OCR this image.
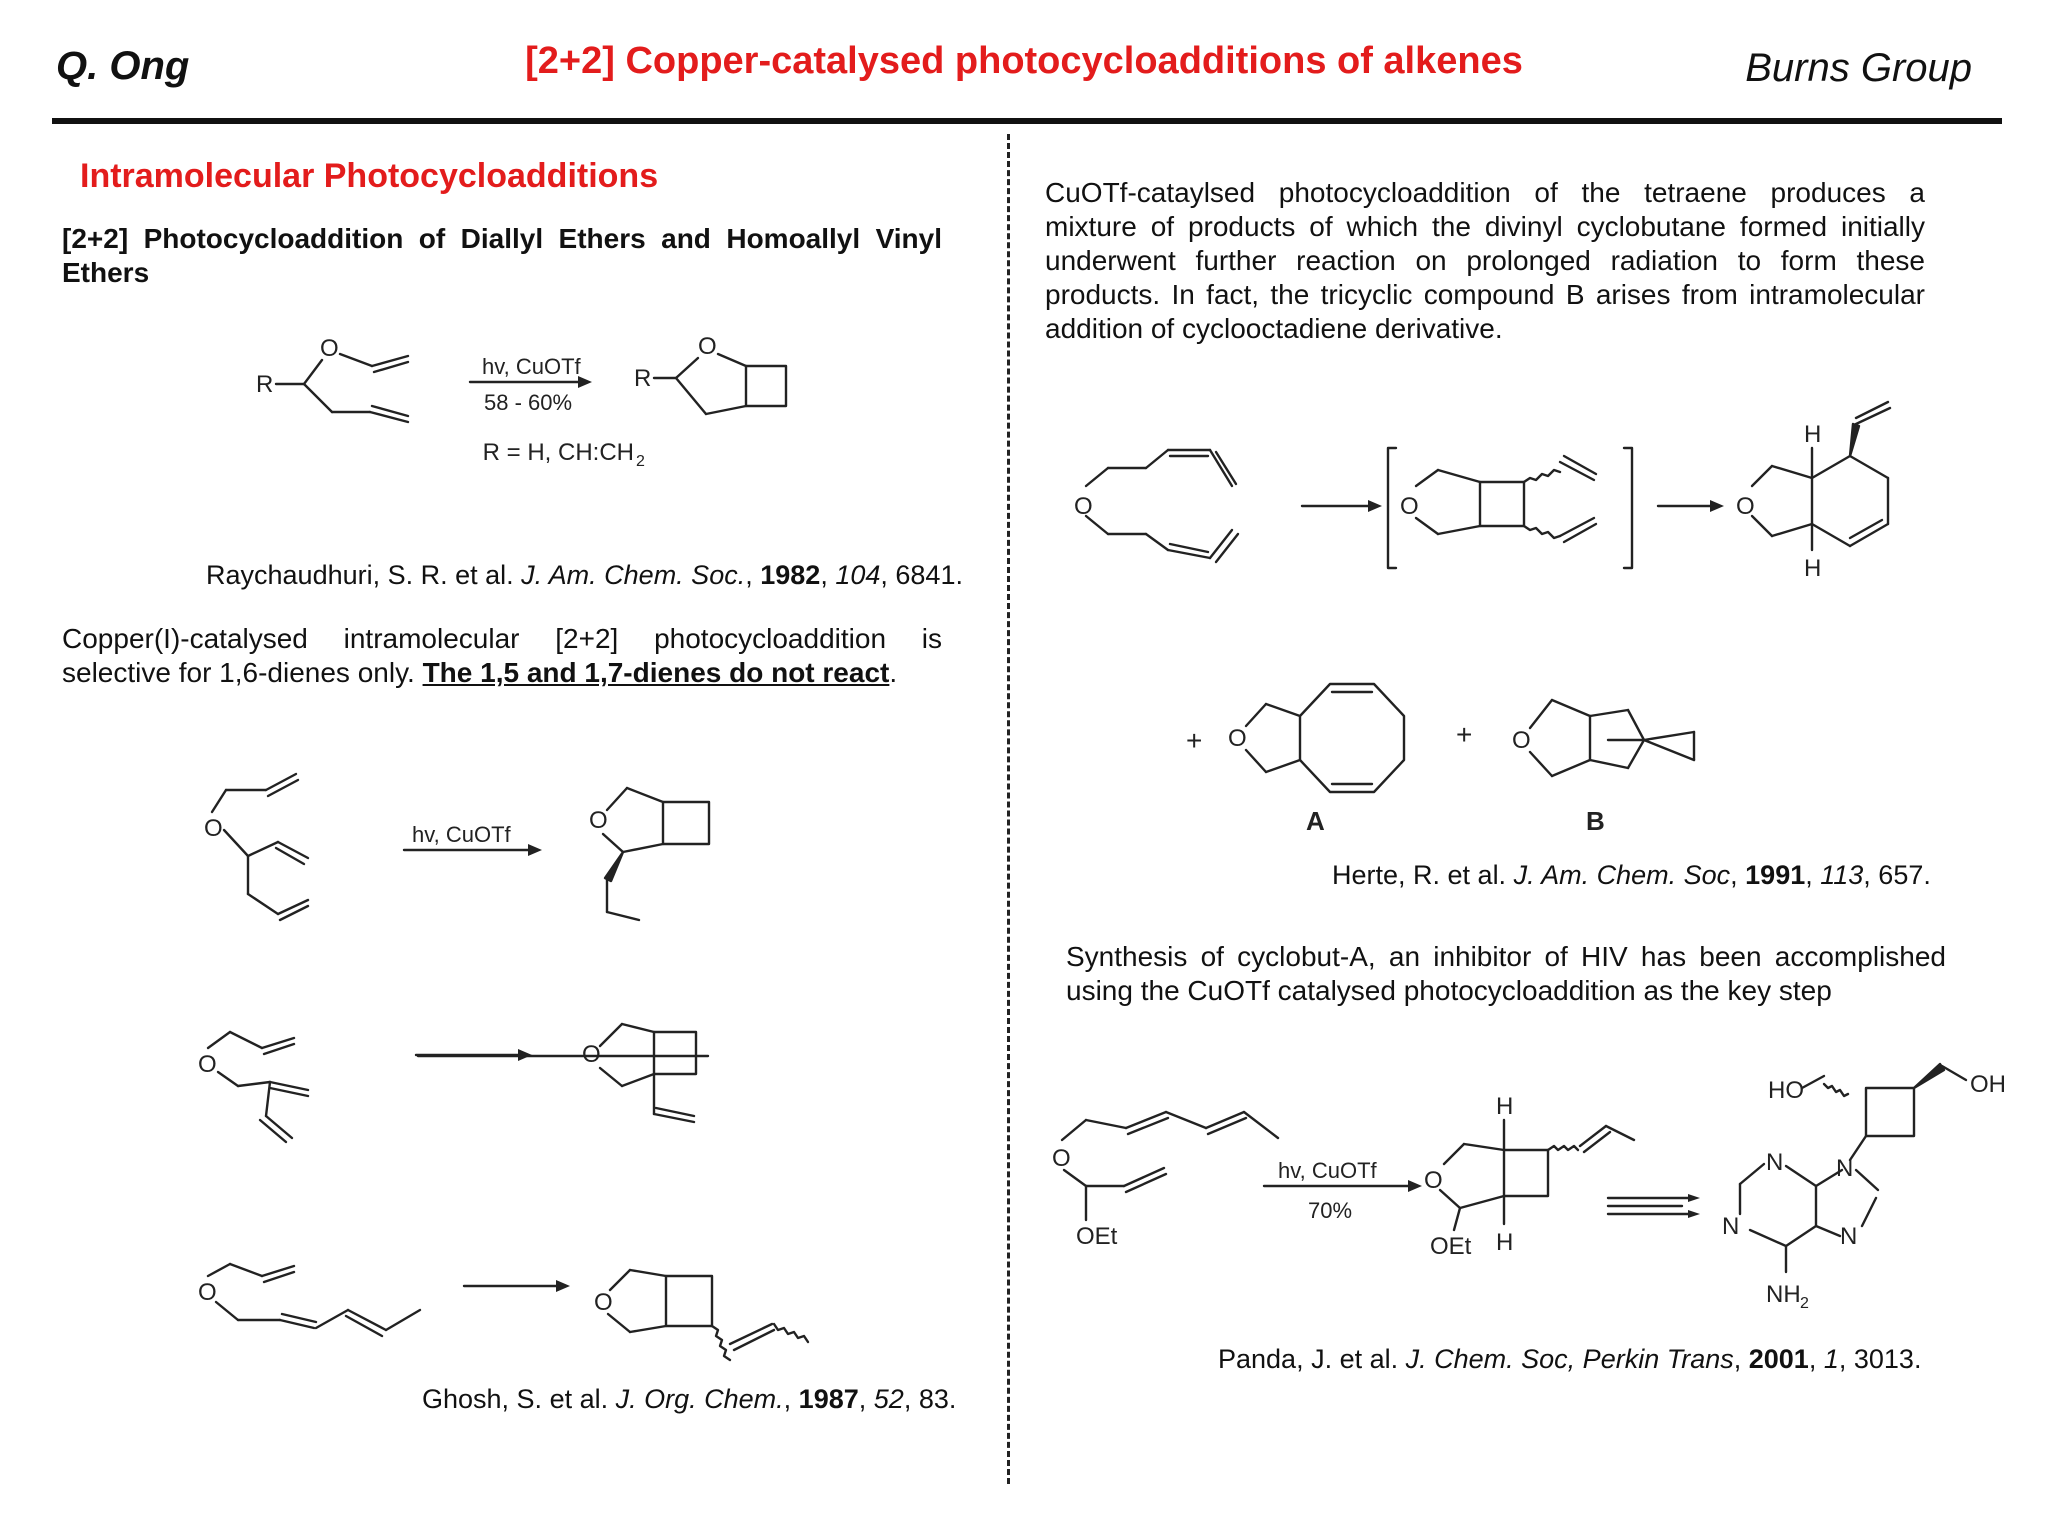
Q. Ong	[2+2] Copper-catalysed photocycloadditions of alkenes	Burns Group
Intramolecular Photocycloadditions
[2+2] Photocycloaddition of Diallyl Ethers and Homoallyl Vinyl Ethers
R
O
hv, CuOTf
58 - 60%
R = H, CH:CH 2
R
O
Raychaudhuri, S. R. et al. J. Am. Chem. Soc., 1982, 104, 6841.
Copper(I)-catalysed intramolecular [2+2] photocycloaddition is selective for 1,6-dienes only. The 1,5 and 1,7-dienes do not react.
O	hv, CuOTf
O
O	O
O	O
Ghosh, S. et al. J. Org. Chem., 1987, 52, 83.
CuOTf-cataylsed photocycloaddition of the tetraene produces a mixture of products of which the divinyl cyclobutane formed initially underwent further reaction on prolonged radiation to form these products. In fact, the tricyclic compound B arises from intramolecular addition of cyclooctadiene derivative.
O	O	O
H
H
+ O	+ O
A	B
Herte, R. et al. J. Am. Chem. Soc, 1991, 113, 657.
Synthesis of cyclobut-A, an inhibitor of HIV has been accomplished using the CuOTf catalysed photocycloaddition as the key step
O
OEt
hv, CuOTf
70%
O
H
H
OEt
HO	OH
N N
N	N
NH 2
Panda, J. et al. J. Chem. Soc, Perkin Trans, 2001, 1, 3013.
